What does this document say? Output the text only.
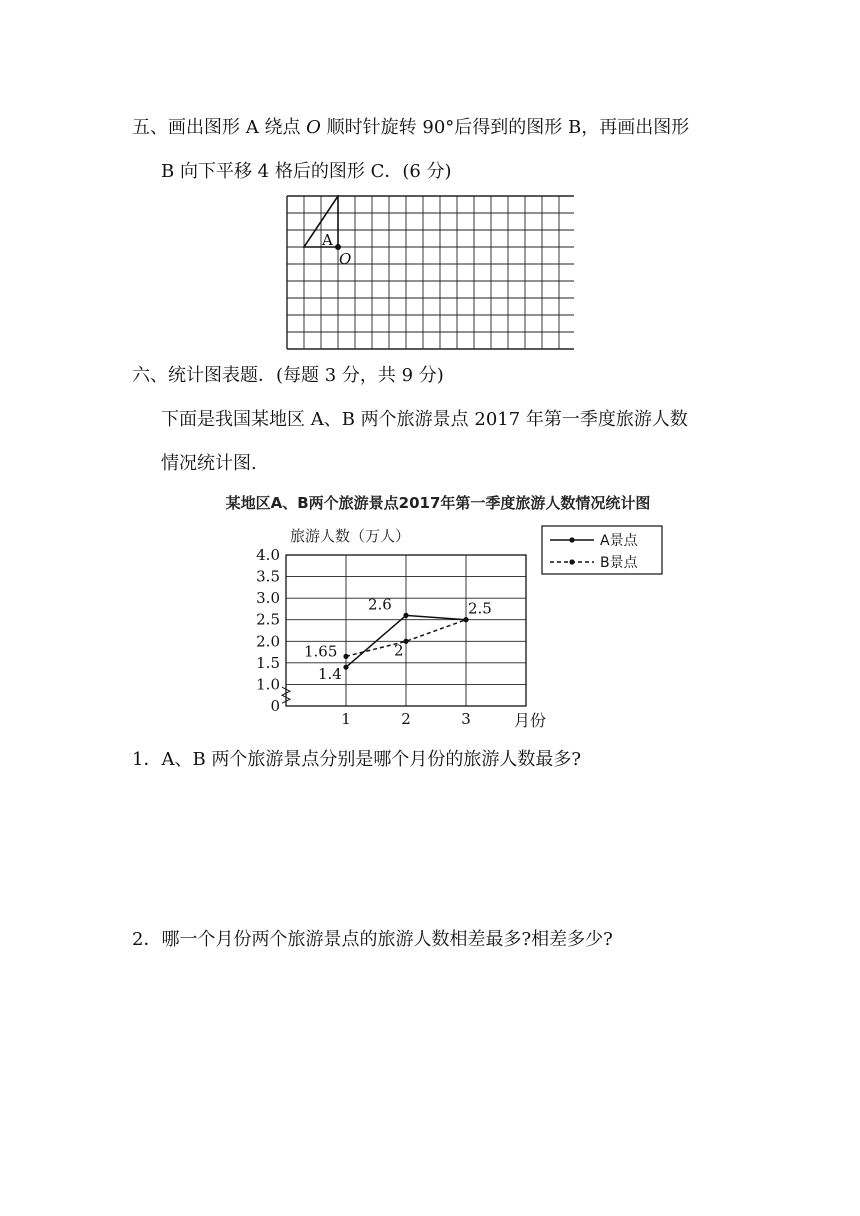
五、画出图形 A 绕点 O 顺时针旋转 90°后得到的图形 B，再画出图形
B 向下平移 4 格后的图形 C．(6 分)
A
O
六、统计图表题．(每题 3 分，共 9 分)
下面是我国某地区 A、B 两个旅游景点 2017 年第一季度旅游人数
情况统计图.
某地区A、B两个旅游景点2017年第一季度旅游人数情况统计图
旅游人数（万人）
4.0
3.5
3.0
2.5
2.0
1.5
1.0
0
1	2	3	月份
1.4
2.6	2.5
1.65	2
A景点
B景点
1．A、B 两个旅游景点分别是哪个月份的旅游人数最多?
2．哪一个月份两个旅游景点的旅游人数相差最多?相差多少?
